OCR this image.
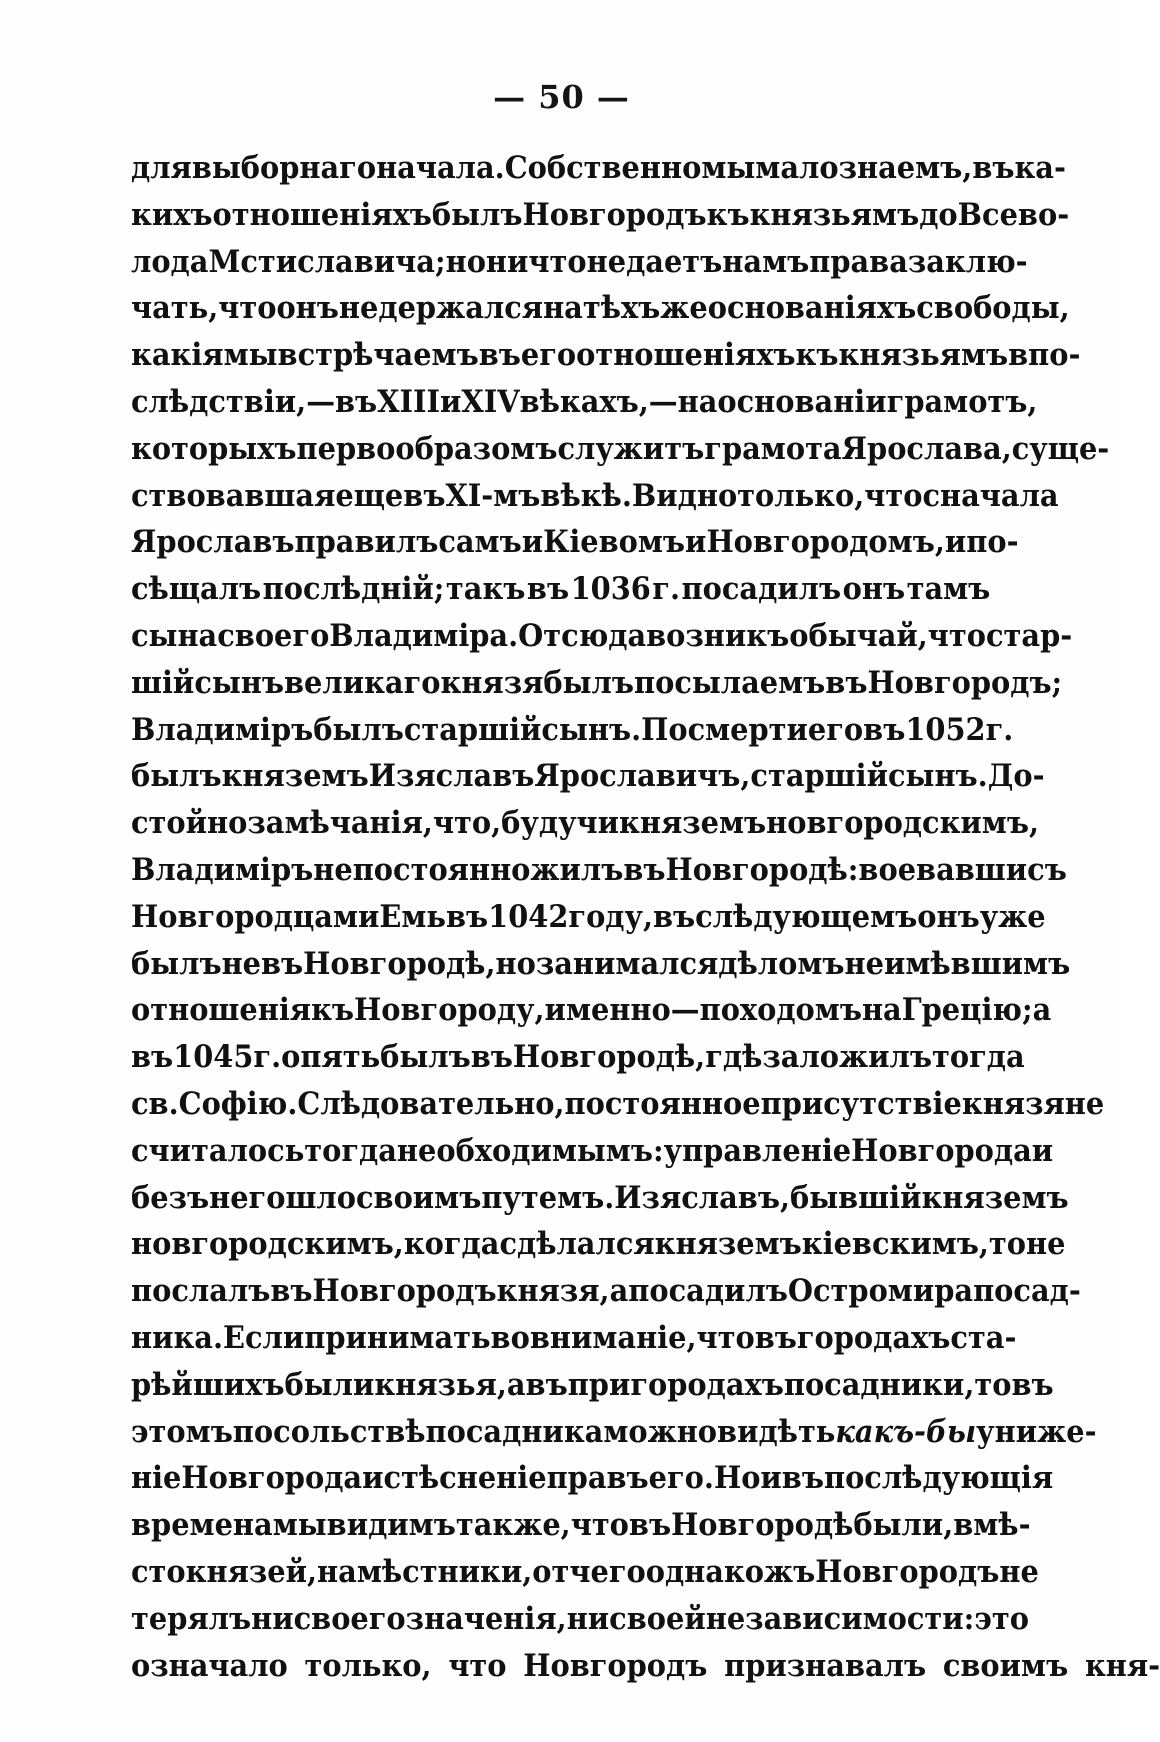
— 50 —
для выборнаго начала. Собственно мы мало знаемъ, въ ка-
кихъ отношеніяхъ былъ Новгородъ къ князьямъ до Всево-
лода Мстиславича; но ни что не даетъ намъ права заклю-
чать, что онъ не держался на тѣхъ же основаніяхъ свободы,
какія мы встрѣчаемъ въ его отношеніяхъ къ князьямъ впо-
слѣдствіи,—въ XIII и XIV вѣкахъ,—на основаніи грамотъ,
которыхъ первообразомъ служитъ грамота Ярослава, суще-
ствовавшая еще въ XI-мъ вѣкѣ. Видно только, что сначала
Ярославъ правилъ самъ и Кіевомъ и Новгородомъ, и по-
сѣщалъ послѣдній; такъ въ 1036 г. посадилъ онъ тамъ
сына своего Владиміра. Отсюда возникъ обычай, что стар-
шій сынъ великаго князя былъ посылаемъ въ Новгородъ;
Владиміръ былъ старшій сынъ. По смерти его въ 1052 г.
былъ княземъ Изяславъ Ярославичъ, старшій сынъ. До-
стойно замѣчанія, что, будучи княземъ новгородскимъ,
Владиміръ не постоянно жилъ въ Новгородѣ: воевавши съ
Новгородцами Емь въ 1042 году, въ слѣдующемъ онъ уже
былъ не въ Новгородѣ, но занимался дѣломъ не имѣвшимъ
отношенія къ Новгороду, именно — походомъ на Грецію; а
въ 1045 г. опять былъ въ Новгородѣ, гдѣ заложилъ тогда
св. Софію. Слѣдовательно, постоянное присутствіе князя не
считалось тогда необходимымъ: управленіе Новгорода и
безъ него шло своимъ путемъ. Изяславъ, бывшій княземъ
новгородскимъ, когда сдѣлался княземъ кіевскимъ, то не
послалъ въ Новгородъ князя, а посадилъ Остромира посад-
ника. Если принимать во вниманіе, что въ городахъ ста-
рѣйшихъ были князья, а въ пригородахъ посадники, то въ
этомъ посольствѣ посадника можно видѣть какъ-бы униже-
ніе Новгорода и стѣсненіе правъ его. Но и въ послѣдующія
времена мы видимъ также, что въ Новгородѣ были, вмѣ-
сто князей, намѣстники, отчего однакожъ Новгородъ не
терялъ ни своего значенія, ни своей независимости: это
означало только, что Новгородъ признавалъ своимъ кня-
